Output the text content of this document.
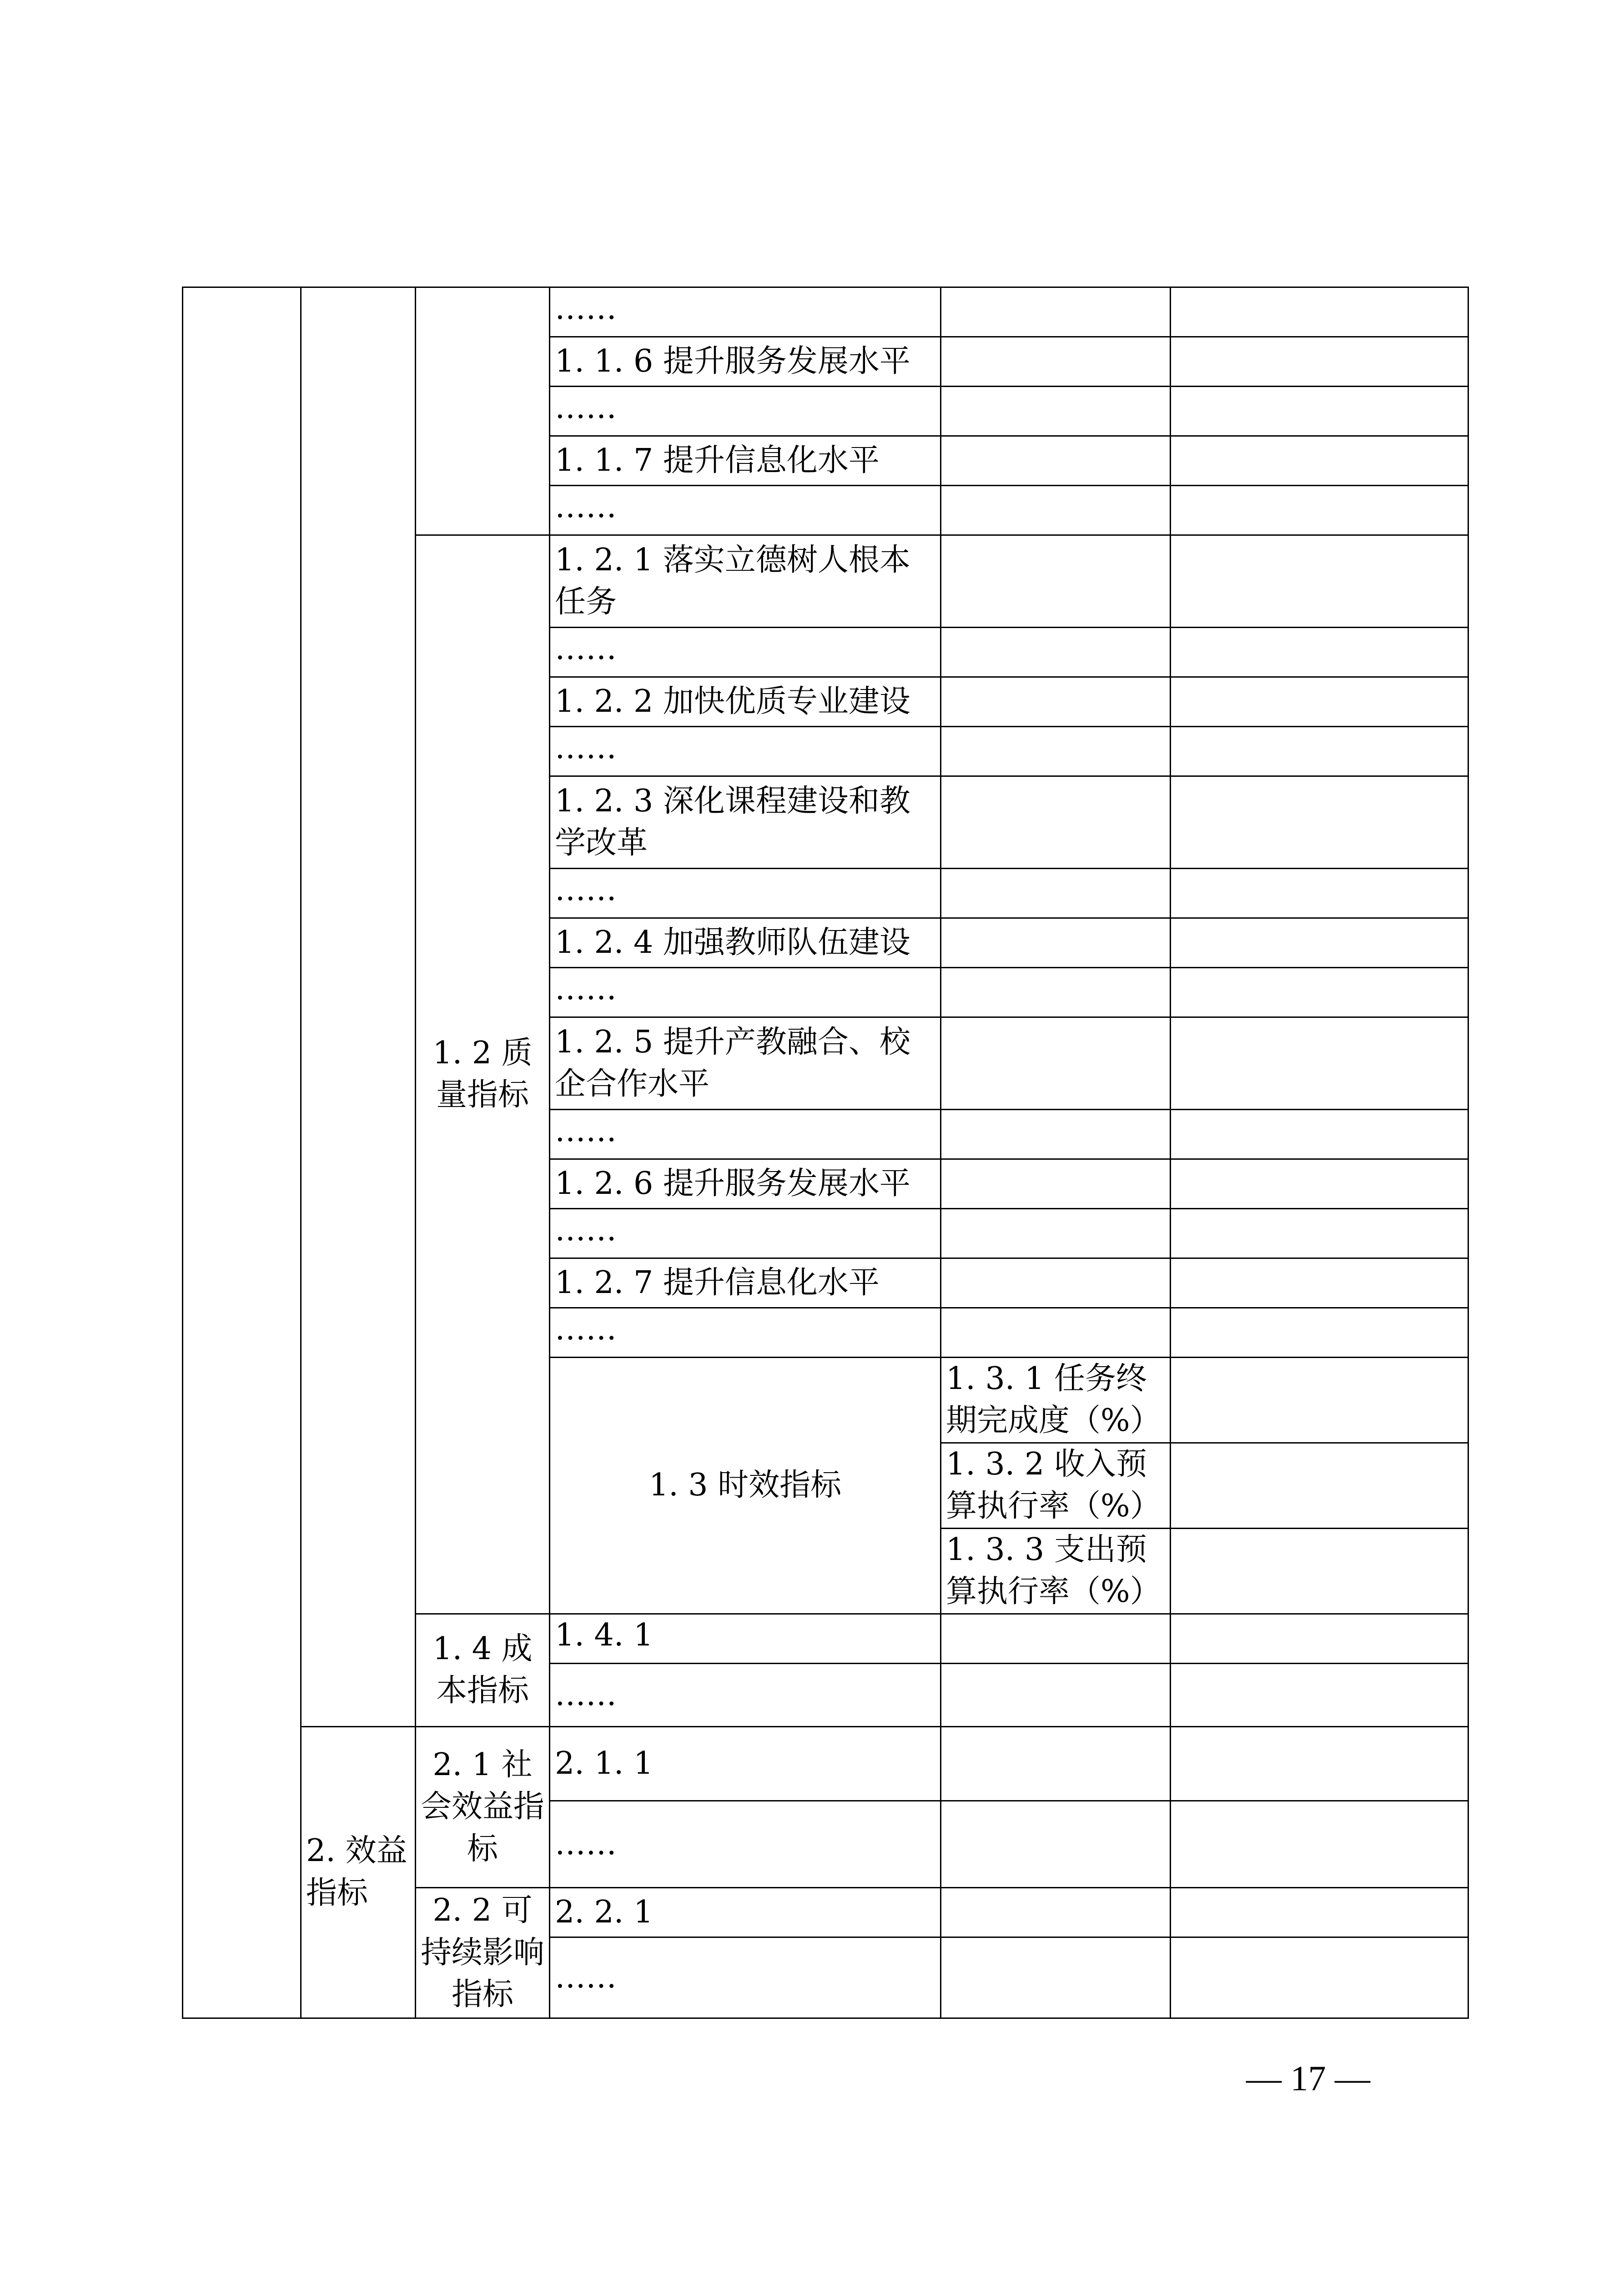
			……			
			1. 1. 6 提升服务发展水平			
			……			
			1. 1. 7 提升信息化水平			
			……			
		1. 2 质量指标	1. 2. 1 落实立德树人根本任务			
			……			
			1. 2. 2 加快优质专业建设			
			……			
			1. 2. 3 深化课程建设和教学改革			
			……			
			1. 2. 4 加强教师队伍建设			
			……			
			1. 2. 5 提升产教融合、校企合作水平			
			……			
			1. 2. 6 提升服务发展水平			
			……			
			1. 2. 7 提升信息化水平			
			……			
			1. 3 时效指标	1. 3. 1 任务终期完成度（%）		
				1. 3. 2 收入预算执行率（%）		
				1. 3. 3 支出预算执行率（%）		
		1. 4 成本指标	1. 4. 1			
			……			
	2. 效益指标	2. 1 社会效益指标	2. 1. 1			
			……			
		2. 2 可持续影响指标	2. 2. 1			
			……			
— 17 —
